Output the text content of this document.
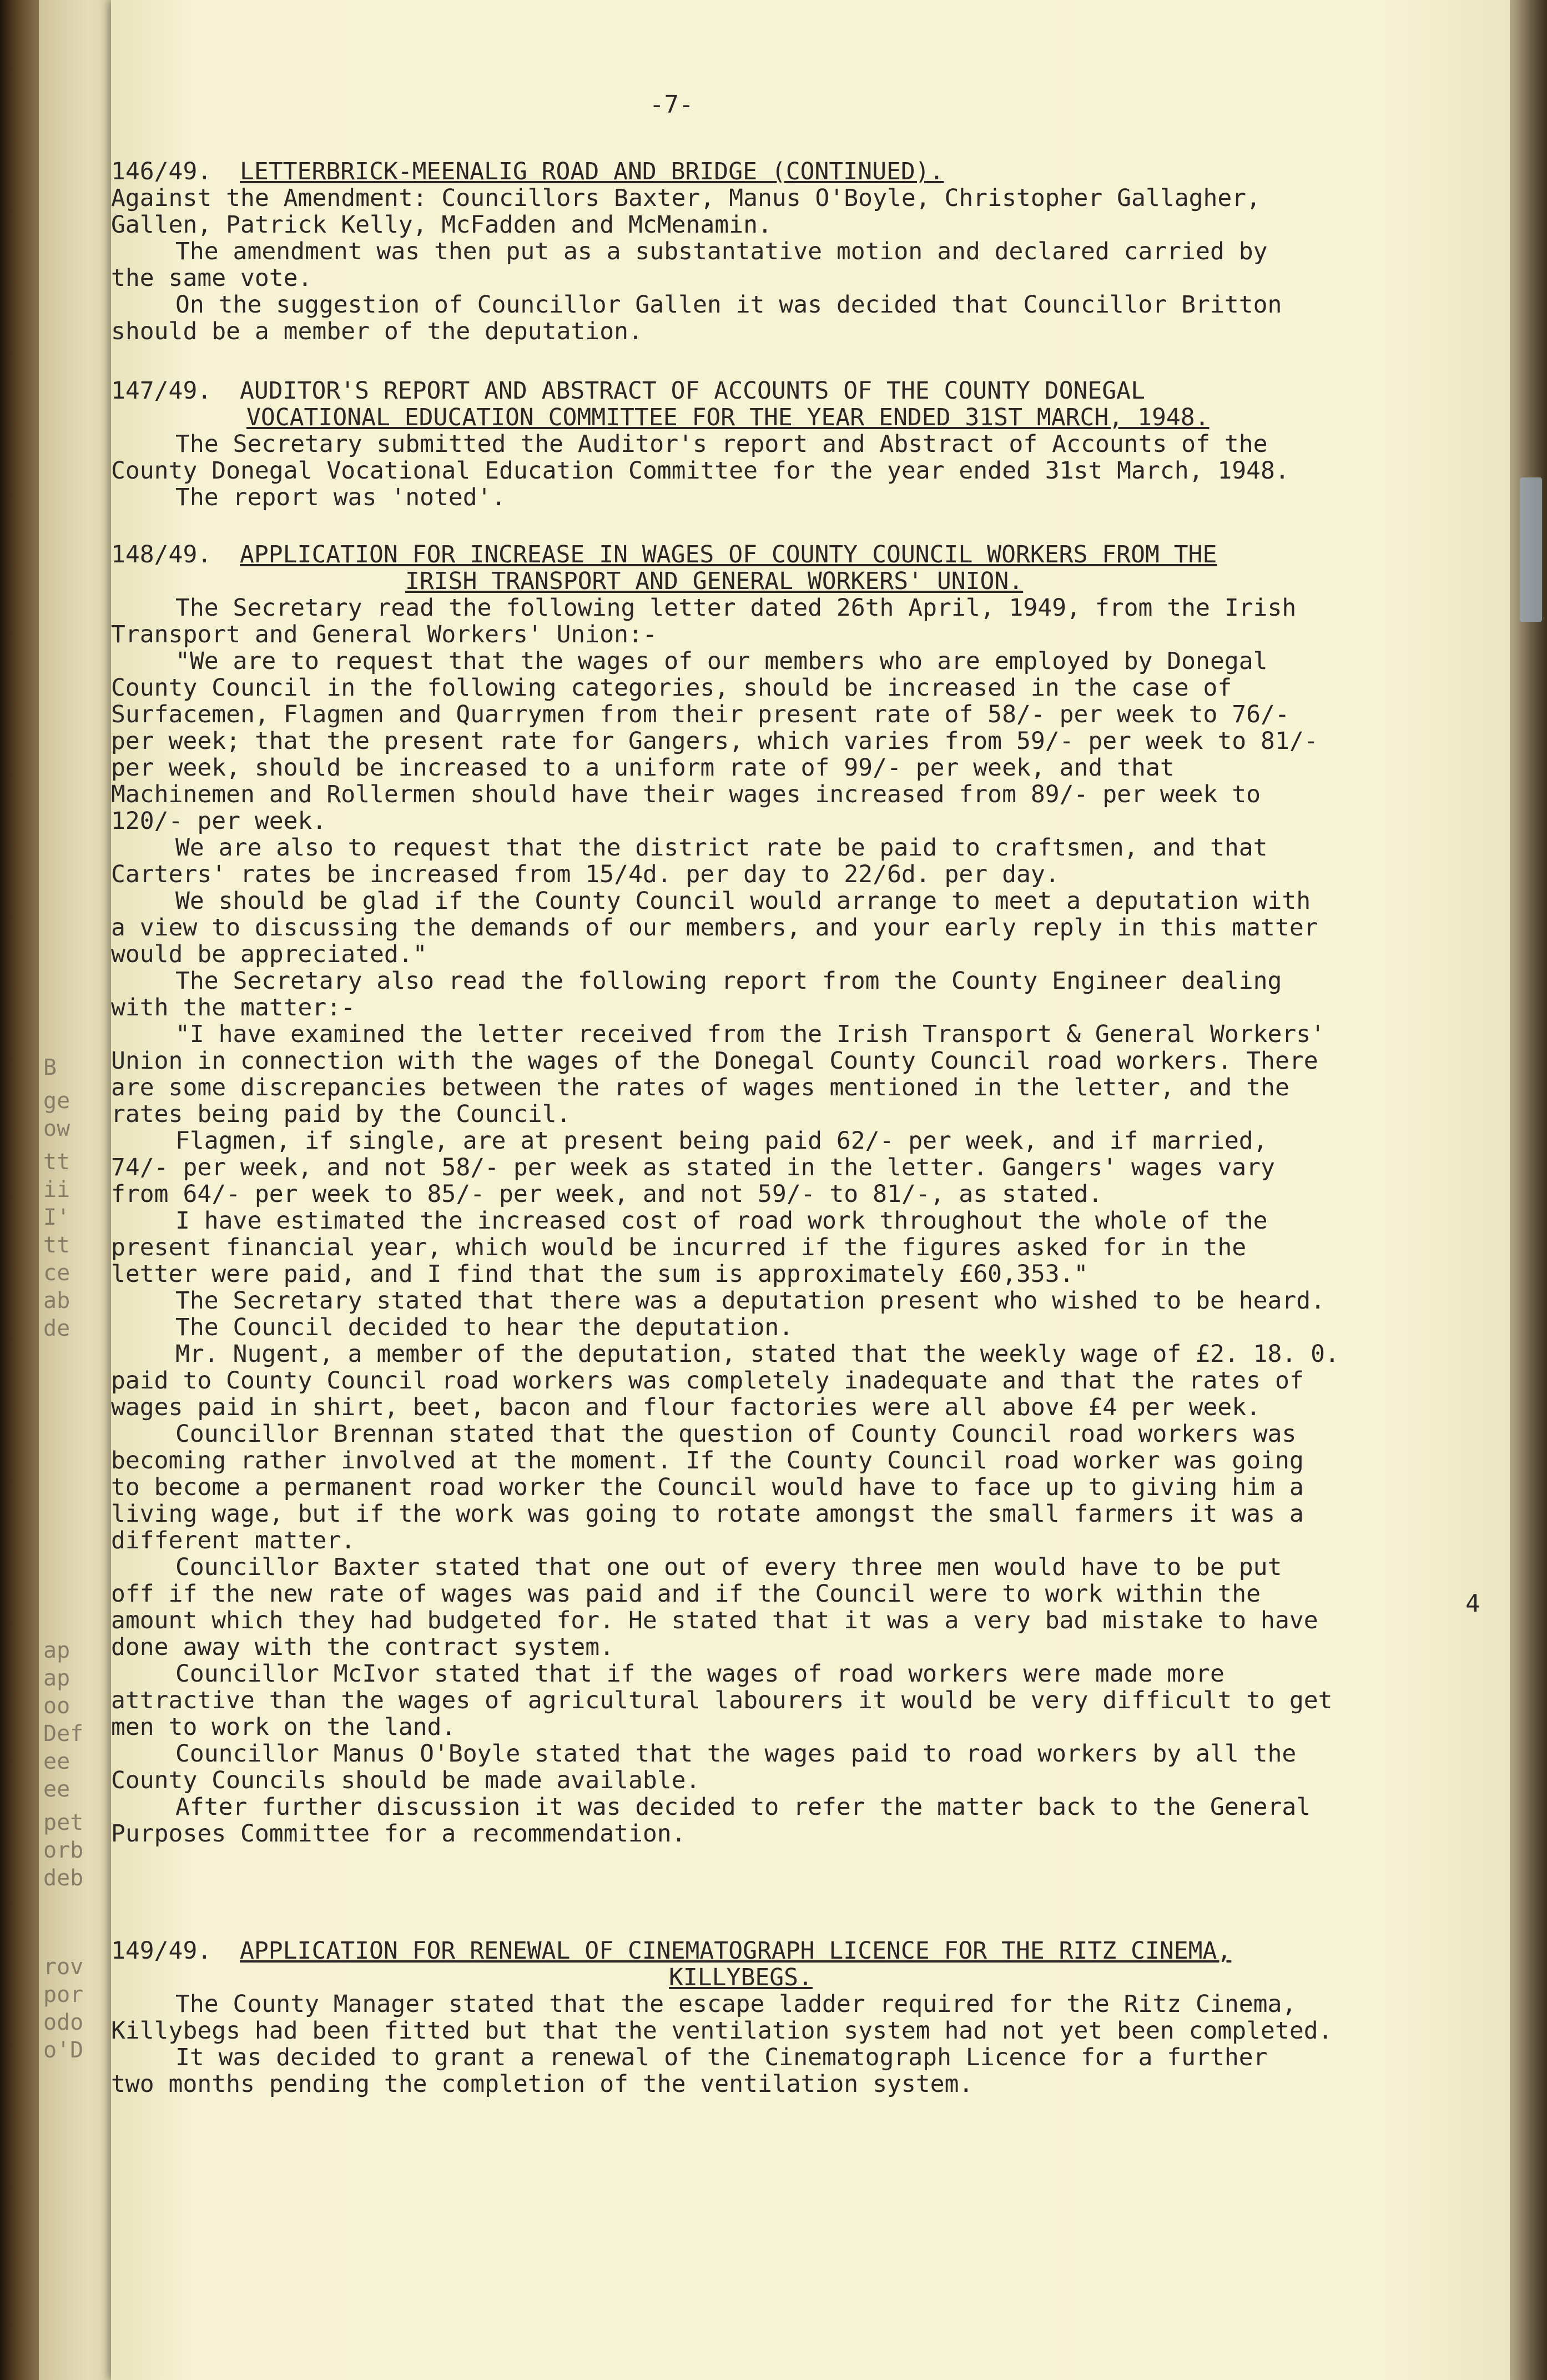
B
ge
ow
tt
ii
I'
tt
ce
ab
de
ap
ap
oo
Def
ee
ee
pet
orb
deb
rov
por
odo
o'D
-7-
4

146/49. LETTERBRICK-MEENALIG ROAD AND BRIDGE (CONTINUED).

Against the Amendment: Councillors Baxter, Manus O'Boyle, Christopher Gallagher,

Gallen, Patrick Kelly, McFadden and McMenamin.

The amendment was then put as a substantative motion and declared carried by

the same vote.

On the suggestion of Councillor Gallen it was decided that Councillor Britton

should be a member of the deputation.

147/49. AUDITOR'S REPORT AND ABSTRACT OF ACCOUNTS OF THE COUNTY DONEGAL

VOCATIONAL EDUCATION COMMITTEE FOR THE YEAR ENDED 31ST MARCH, 1948.

The Secretary submitted the Auditor's report and Abstract of Accounts of the

County Donegal Vocational Education Committee for the year ended 31st March, 1948.

The report was 'noted'.

148/49. APPLICATION FOR INCREASE IN WAGES OF COUNTY COUNCIL WORKERS FROM THE

IRISH TRANSPORT AND GENERAL WORKERS' UNION.

The Secretary read the following letter dated 26th April, 1949, from the Irish

Transport and General Workers' Union:-

"We are to request that the wages of our members who are employed by Donegal

County Council in the following categories, should be increased in the case of

Surfacemen, Flagmen and Quarrymen from their present rate of 58/- per week to 76/-

per week; that the present rate for Gangers, which varies from 59/- per week to 81/-

per week, should be increased to a uniform rate of 99/- per week, and that

Machinemen and Rollermen should have their wages increased from 89/- per week to

120/- per week.

We are also to request that the district rate be paid to craftsmen, and that

Carters' rates be increased from 15/4d. per day to 22/6d. per day.

We should be glad if the County Council would arrange to meet a deputation with

a view to discussing the demands of our members, and your early reply in this matter

would be appreciated."

The Secretary also read the following report from the County Engineer dealing

with the matter:-

"I have examined the letter received from the Irish Transport & General Workers'

Union in connection with the wages of the Donegal County Council road workers. There

are some discrepancies between the rates of wages mentioned in the letter, and the

rates being paid by the Council.

Flagmen, if single, are at present being paid 62/- per week, and if married,

74/- per week, and not 58/- per week as stated in the letter. Gangers' wages vary

from 64/- per week to 85/- per week, and not 59/- to 81/-, as stated.

I have estimated the increased cost of road work throughout the whole of the

present financial year, which would be incurred if the figures asked for in the

letter were paid, and I find that the sum is approximately £60,353."

The Secretary stated that there was a deputation present who wished to be heard.

The Council decided to hear the deputation.

Mr. Nugent, a member of the deputation, stated that the weekly wage of £2. 18. 0.

paid to County Council road workers was completely inadequate and that the rates of

wages paid in shirt, beet, bacon and flour factories were all above £4 per week.

Councillor Brennan stated that the question of County Council road workers was

becoming rather involved at the moment. If the County Council road worker was going

to become a permanent road worker the Council would have to face up to giving him a

living wage, but if the work was going to rotate amongst the small farmers it was a

different matter.

Councillor Baxter stated that one out of every three men would have to be put

off if the new rate of wages was paid and if the Council were to work within the

amount which they had budgeted for. He stated that it was a very bad mistake to have

done away with the contract system.

Councillor McIvor stated that if the wages of road workers were made more

attractive than the wages of agricultural labourers it would be very difficult to get

men to work on the land.

Councillor Manus O'Boyle stated that the wages paid to road workers by all the

County Councils should be made available.

After further discussion it was decided to refer the matter back to the General

Purposes Committee for a recommendation.

149/49. APPLICATION FOR RENEWAL OF CINEMATOGRAPH LICENCE FOR THE RITZ CINEMA,

KILLYBEGS.

The County Manager stated that the escape ladder required for the Ritz Cinema,

Killybegs had been fitted but that the ventilation system had not yet been completed.

It was decided to grant a renewal of the Cinematograph Licence for a further

two months pending the completion of the ventilation system.
